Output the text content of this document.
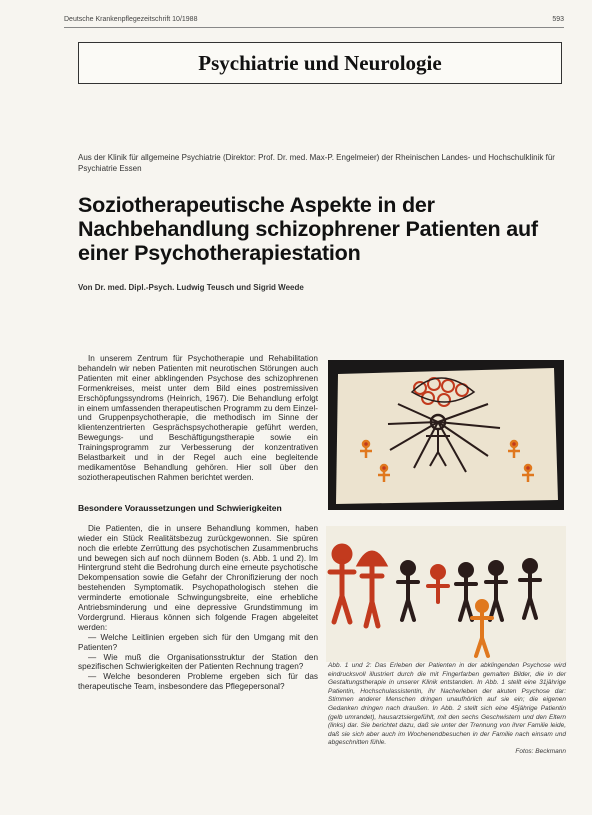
Deutsche Krankenpflegezeitschrift 10/1988	593
Psychiatrie und Neurologie
Aus der Klinik für allgemeine Psychiatrie (Direktor: Prof. Dr. med. Max-P. Engelmeier) der Rheinischen Landes- und Hochschulklinik für Psychiatrie Essen
Soziotherapeutische Aspekte in der Nachbehandlung schizophrener Patienten auf einer Psychotherapiestation
Von Dr. med. Dipl.-Psych. Ludwig Teusch und Sigrid Weede

In unserem Zentrum für Psychotherapie und Rehabilitation behandeln wir neben Patienten mit neurotischen Störungen auch Patienten mit einer abklingenden Psychose des schizophrenen Formenkreises, meist unter dem Bild eines postremissiven Erschöpfungssyndroms (Heinrich, 1967). Die Behandlung erfolgt in einem umfassenden therapeutischen Programm zu dem Einzel- und Gruppenpsychotherapie, die methodisch im Sinne der klientenzentrierten Gesprächspsychotherapie geführt werden, Bewegungs- und Beschäftigungstherapie sowie ein Trainingsprogramm zur Verbesserung der konzentrativen Belastbarkeit und in der Regel auch eine begleitende medikamentöse Behandlung gehören. Hier soll über den soziotherapeutischen Rahmen berichtet werden.

Besondere Voraussetzungen und Schwierigkeiten

Die Patienten, die in unsere Behandlung kommen, haben wieder ein Stück Realitätsbezug zurückgewonnen. Sie spüren noch die erlebte Zerrüttung des psychotischen Zusammenbruchs und bewegen sich auf noch dünnem Boden (s. Abb. 1 und 2). Im Hintergrund steht die Bedrohung durch eine erneute psychotische Dekompensation sowie die Gefahr der Chronifizierung der noch bestehenden Symptomatik. Psychopathologisch stehen die verminderte emotionale Schwingungsbreite, eine erhebliche Antriebsminderung und eine depressive Grundstimmung im Vordergrund. Hieraus können sich folgende Fragen abgeleitet werden:

— Welche Leitlinien ergeben sich für den Umgang mit den Patienten?

— Wie muß die Organisationsstruktur der Station den spezifischen Schwierigkeiten der Patienten Rechnung tragen?

— Welche besonderen Probleme ergeben sich für das therapeutische Team, insbesondere das Pflegepersonal?

Abb. 1 und 2: Das Erleben der Patienten in der abklingenden Psychose wird eindrucksvoll illustriert durch die mit Fingerfarben gemalten Bilder, die in der Gestaltungstherapie in unserer Klinik entstanden. In Abb. 1 stellt eine 31jährige Patientin, Hochschulassistentin, ihr Nacherleben der akuten Psychose dar: Stimmen anderer Menschen dringen unaufhörlich auf sie ein; die eigenen Gedanken dringen nach draußen. In Abb. 2 stellt sich eine 45jährige Patientin (gelb umrandet), hausarztsiergefühlt, mit den sechs Geschwistern und den Eltern (links) dar. Sie berichtet dazu, daß sie unter der Trennung von ihrer Familie leide, daß sie sich aber auch im Wochenendbesuchen in der Familie nach einsam und abgeschnitten fühle.
Fotos: Beckmann
